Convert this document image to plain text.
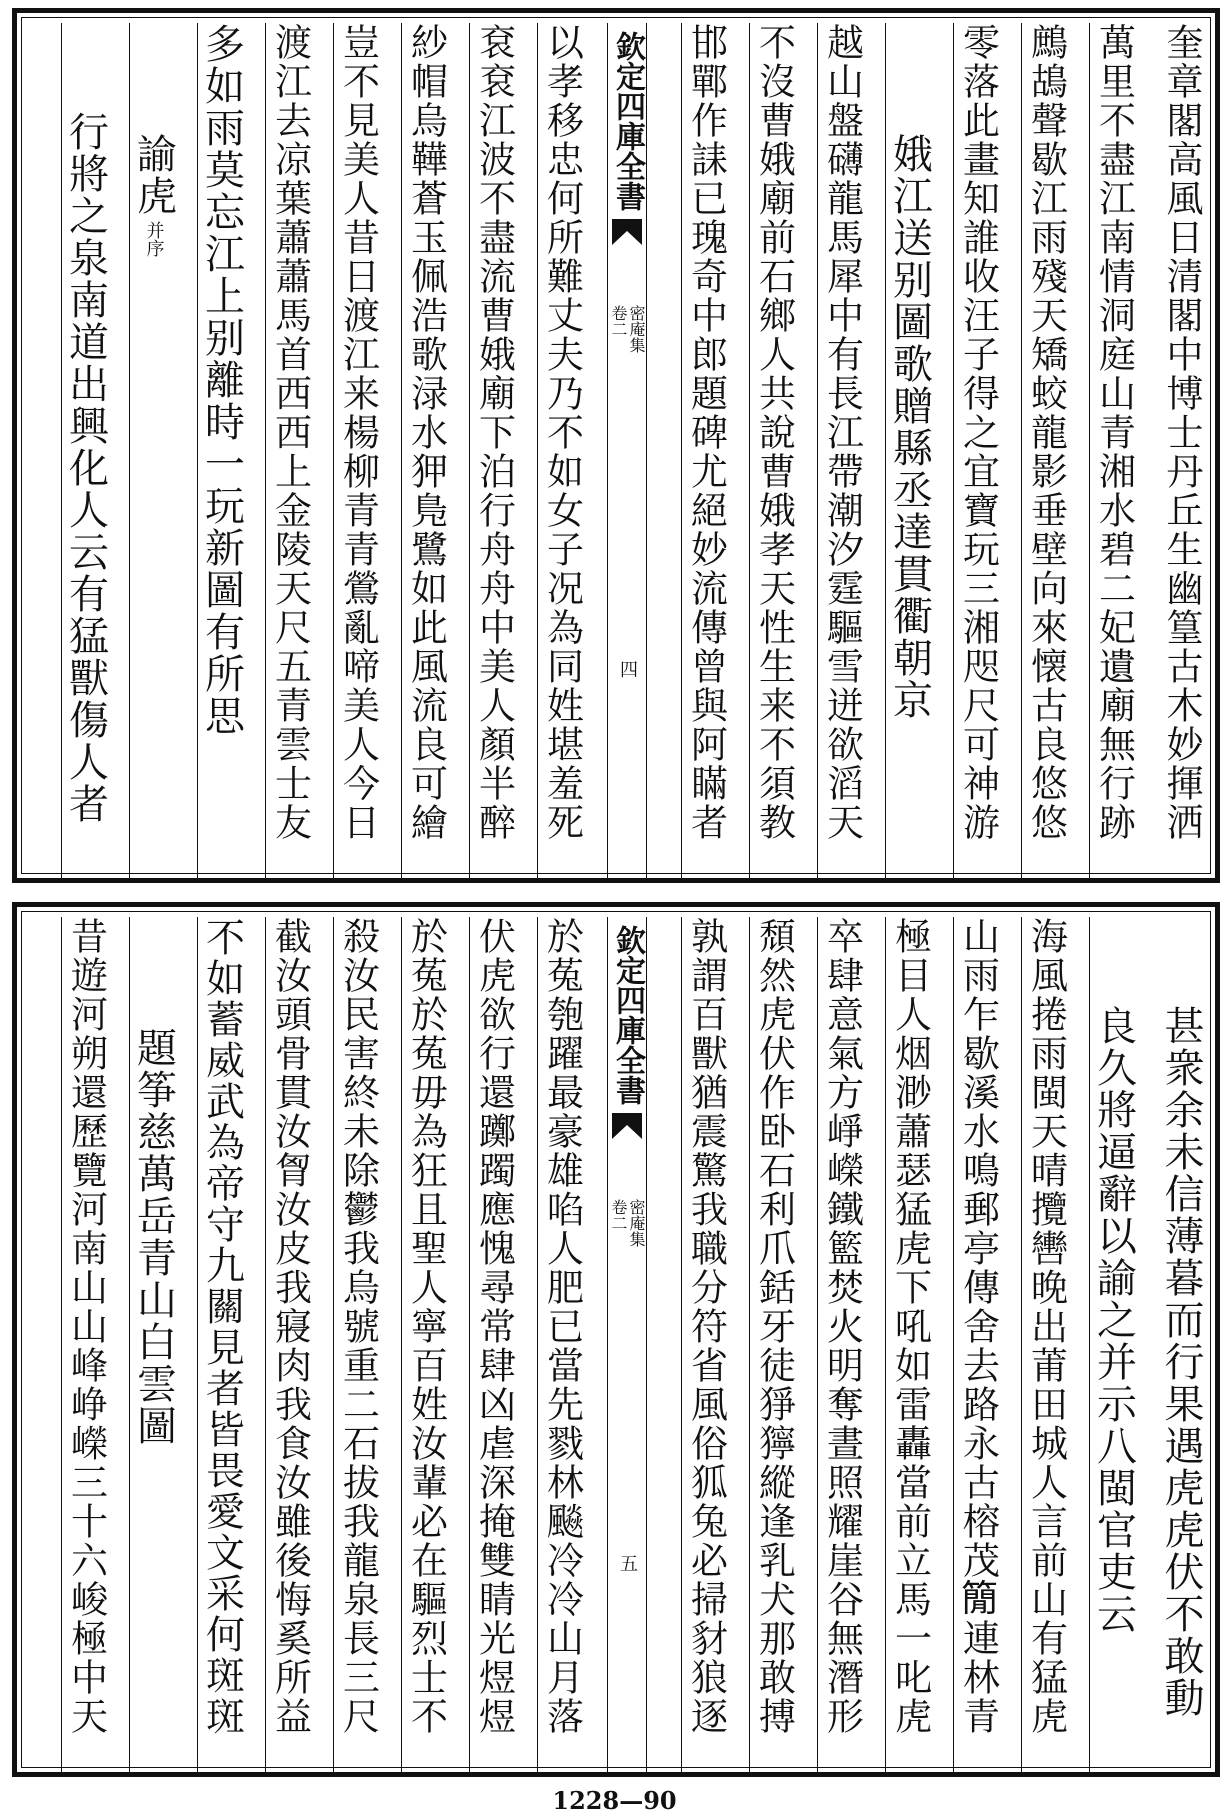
奎章閣高風日清閣中博士丹丘生幽篁古木妙揮洒
萬里不盡江南情洞庭山青湘水碧二妃遺廟無行跡
鷓鴣聲歇江雨殘天矯蛟龍影垂壁向來懐古良悠悠
零落此畫知誰收汪子得之宜寶玩三湘咫尺可神游
娥江送别圖歌贈縣丞達貫衢朝京
越山盤礴龍馬犀中有長江帶潮汐霆驅雪迸欲滔天
不沒曹娥廟前石鄉人共說曹娥孝天性生来不須教
邯鄲作誄已瑰奇中郎題碑尤絕妙流傳曾與阿瞞者
欽定四庫全書
密庵集
卷二
四
以孝移忠何所難丈夫乃不如女子况為同姓堪羞死
袞袞江波不盡流曹娥廟下泊行舟舟中美人顏半醉
紗帽烏鞾蒼玉佩浩歌渌水狎鳬鷺如此風流良可繪
豈不見美人昔日渡江来楊柳青青鶯亂啼美人今日
渡江去凉葉蕭蕭馬首西西上金陵天尺五青雲士友
多如雨莫忘江上别離時一玩新圖有所思
諭虎
并序
行將之泉南道出興化人云有猛獸傷人者
甚衆余未信薄暮而行果遇虎虎伏不敢動
良久將逼辭以諭之并示八閩官吏云
海風捲雨閩天晴攬轡晚出莆田城人言前山有猛虎
山雨乍歇溪水鳴郵亭傳舍去路永古榕茂𥳑連林青
極目人烟渺蕭瑟猛虎下吼如雷轟當前立馬一叱虎
卒肆意氣方崢嶸鐵籃焚火明奪晝照耀崖谷無潛形
頹然虎伏作卧石利爪銛牙徒猙獰縱逢乳犬那敢搏
孰謂百獸猶震驚我職分符省風俗狐兔必掃豺狼逐
欽定四庫全書
密庵集
卷二
五
於菟匏躍最豪雄啗人肥已當先戮林飈冷冷山月落
伏虎欲行還躑躅應愧尋常肆凶虐深掩雙睛光煜煜
於菟於菟毋為狂且聖人寧百姓汝輩必在驅烈士不
殺汝民害終未除鬱我烏號重二石拔我龍泉長三尺
截汝頭骨貫汝胷汝皮我寢肉我食汝雖後悔奚所益
不如蓄威武為帝守九關見者皆畏愛文采何斑斑
題筝慈萬岳青山白雲圖
昔遊河朔還歷覽河南山山峰峥嶸三十六峻極中天
1228—90
